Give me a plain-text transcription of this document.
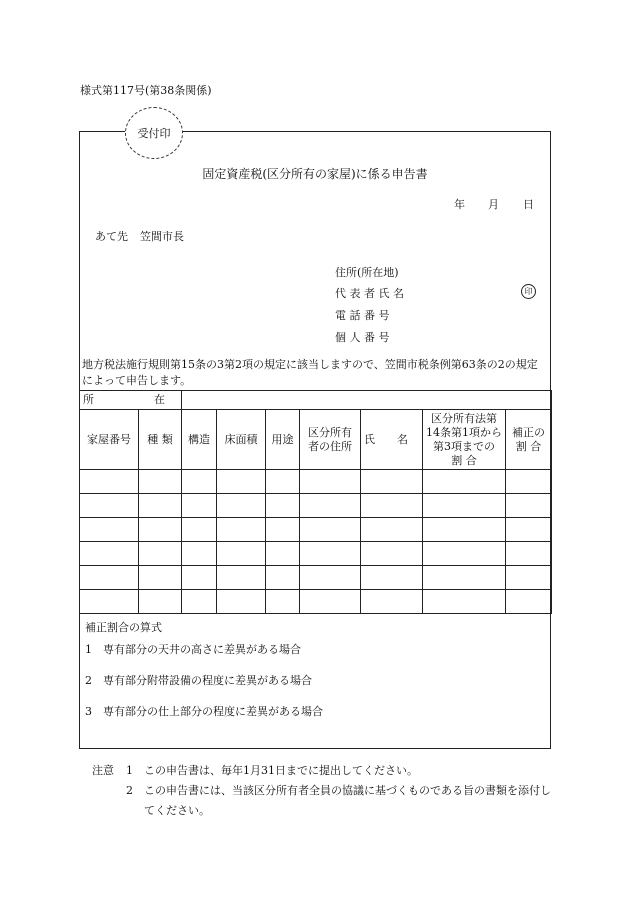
様式第117号(第38条関係)
受付印
固定資産税(区分所有の家屋)に係る申告書
年 月 日
あて先 笠間市長
住所(所在地)
代 表 者 氏 名
電 話 番 号
個 人 番 号
印
地方税法施行規則第15条の3第2項の規定に該当しますので、笠間市税条例第63条の2の規定によって申告します。
所 在								
家屋番号	種 類	構造	床面積	用途	区分所有者の住所	氏　　名	区分所有法第14条第1項から第3項までの 割 合	補正の割 合

補正割合の算式
1 専有部分の天井の高さに差異がある場合
2 専有部分附帯設備の程度に差異がある場合
3 専有部分の仕上部分の程度に差異がある場合
注意	1	この申告書は、毎年1月31日までに提出してください。
2	この申告書には、当該区分所有者全員の協議に基づくものである旨の書類を添付してください。
